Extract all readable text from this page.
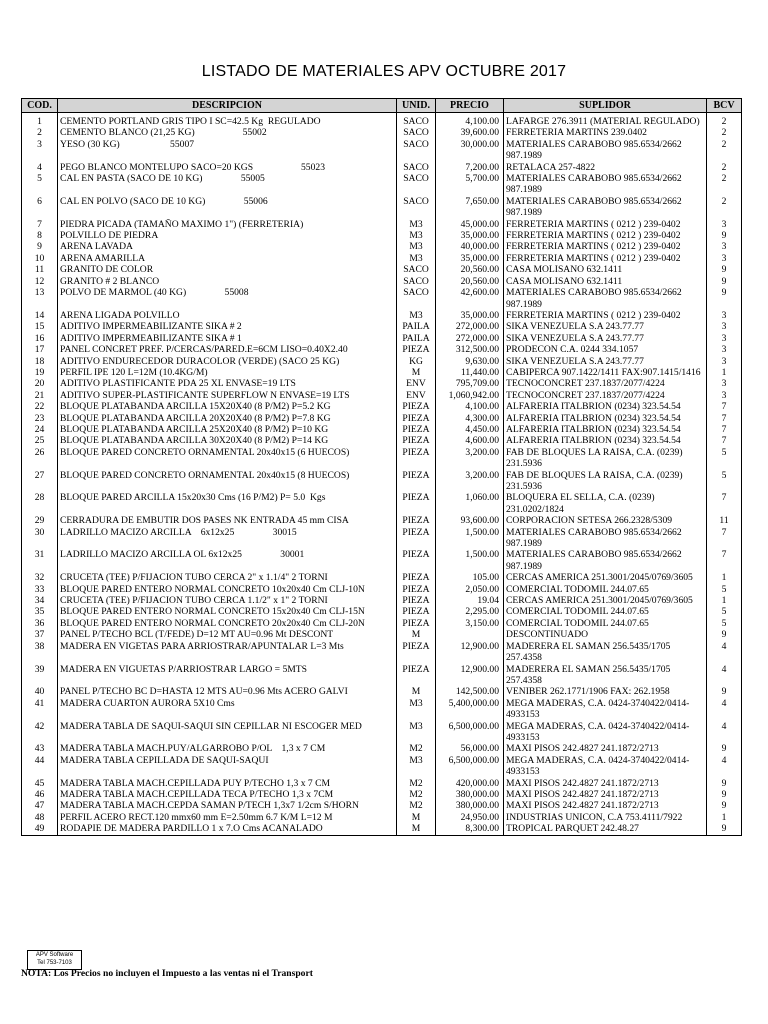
LISTADO DE MATERIALES APV OCTUBRE 2017
COD.	DESCRIPCION	UNID.	PRECIO	SUPLIDOR	BCV
1	CEMENTO PORTLAND GRIS TIPO I SC=42.5 Kg  REGULADO	SACO	4,100.00	LAFARGE 276.3911 (MATERIAL REGULADO)	2
2	CEMENTO BLANCO (21,25 KG)                    55002	SACO	39,600.00	FERRETERIA MARTINS 239.0402	2
3	YESO (30 KG)                     55007	SACO	30,000.00	MATERIALES CARABOBO 985.6534/2662 987.1989	2
4	PEGO BLANCO MONTELUPO SACO=20 KGS                    55023	SACO	7,200.00	RETALACA 257-4822	2
5	CAL EN PASTA (SACO DE 10 KG)                55005	SACO	5,700.00	MATERIALES CARABOBO 985.6534/2662 987.1989	2
6	CAL EN POLVO (SACO DE 10 KG)                55006	SACO	7,650.00	MATERIALES CARABOBO 985.6534/2662 987.1989	2
7	PIEDRA PICADA (TAMAÑO MAXIMO 1") (FERRETERIA)	M3	45,000.00	FERRETERIA MARTINS ( 0212 ) 239-0402	3
8	POLVILLO DE PIEDRA	M3	35,000.00	FERRETERIA MARTINS ( 0212 ) 239-0402	9
9	ARENA LAVADA	M3	40,000.00	FERRETERIA MARTINS ( 0212 ) 239-0402	3
10	ARENA AMARILLA	M3	35,000.00	FERRETERIA MARTINS ( 0212 ) 239-0402	3
11	GRANITO DE COLOR	SACO	20,560.00	CASA MOLISANO 632.1411	9
12	GRANITO # 2 BLANCO	SACO	20,560.00	CASA MOLISANO 632.1411	9
13	POLVO DE MARMOL (40 KG)                55008	SACO	42,600.00	MATERIALES CARABOBO 985.6534/2662 987.1989	9
14	ARENA LIGADA POLVILLO	M3	35,000.00	FERRETERIA MARTINS ( 0212 ) 239-0402	3
15	ADITIVO IMPERMEABILIZANTE SIKA # 2	PAILA	272,000.00	SIKA VENEZUELA S.A 243.77.77	3
16	ADITIVO IMPERMEABILIZANTE SIKA # 1	PAILA	272,000.00	SIKA VENEZUELA S.A 243.77.77	3
17	PANEL CONCRET PREF. P/CERCAS/PARED.E=6CM LISO=0.40X2.40	PIEZA	312,500.00	PRODECON C.A. 0244 334.1057	3
18	ADITIVO ENDURECEDOR DURACOLOR (VERDE) (SACO 25 KG)	KG	9,630.00	SIKA VENEZUELA S.A 243.77.77	3
19	PERFIL IPE 120 L=12M (10.4KG/M)	M	11,440.00	CABIPERCA 907.1422/1411 FAX:907.1415/1416	1
20	ADITIVO PLASTIFICANTE PDA 25 XL ENVASE=19 LTS	ENV	795,709.00	TECNOCONCRET 237.1837/2077/4224	3
21	ADITIVO SUPER-PLASTIFICANTE SUPERFLOW N ENVASE=19 LTS	ENV	1,060,942.00	TECNOCONCRET 237.1837/2077/4224	3
22	BLOQUE PLATABANDA ARCILLA 15X20X40 (8 P/M2) P=5.2 KG	PIEZA	4,100.00	ALFARERIA ITALBRION (0234) 323.54.54	7
23	BLOQUE PLATABANDA ARCILLA 20X20X40 (8 P/M2) P=7.8 KG	PIEZA	4,300.00	ALFARERIA ITALBRION (0234) 323.54.54	7
24	BLOQUE PLATABANDA ARCILLA 25X20X40 (8 P/M2) P=10 KG	PIEZA	4,450.00	ALFARERIA ITALBRION (0234) 323.54.54	7
25	BLOQUE PLATABANDA ARCILLA 30X20X40 (8 P/M2) P=14 KG	PIEZA	4,600.00	ALFARERIA ITALBRION (0234) 323.54.54	7
26	BLOQUE PARED CONCRETO ORNAMENTAL 20x40x15 (6 HUECOS)	PIEZA	3,200.00	FAB DE BLOQUES LA RAISA, C.A. (0239) 231.5936	5
27	BLOQUE PARED CONCRETO ORNAMENTAL 20x40x15 (8 HUECOS)	PIEZA	3,200.00	FAB DE BLOQUES LA RAISA, C.A. (0239) 231.5936	5
28	BLOQUE PARED ARCILLA 15x20x30 Cms (16 P/M2) P= 5.0  Kgs	PIEZA	1,060.00	BLOQUERA EL SELLA, C.A. (0239) 231.0202/1824	7
29	CERRADURA DE EMBUTIR DOS PASES NK ENTRADA 45 mm CISA	PIEZA	93,600.00	CORPORACION SETESA 266.2328/5309	11
30	LADRILLO MACIZO ARCILLA    6x12x25                30015	PIEZA	1,500.00	MATERIALES CARABOBO 985.6534/2662 987.1989	7
31	LADRILLO MACIZO ARCILLA OL 6x12x25                30001	PIEZA	1,500.00	MATERIALES CARABOBO 985.6534/2662 987.1989	7
32	CRUCETA (TEE) P/FIJACION TUBO CERCA 2" x 1.1/4" 2 TORNI	PIEZA	105.00	CERCAS AMERICA 251.3001/2045/0769/3605	1
33	BLOQUE PARED ENTERO NORMAL CONCRETO 10x20x40 Cm CLJ-10N	PIEZA	2,050.00	COMERCIAL TODOMIL 244.07.65	5
34	CRUCETA (TEE) P/FIJACION TUBO CERCA 1.1/2" x 1" 2 TORNI	PIEZA	19.04	CERCAS AMERICA 251.3001/2045/0769/3605	1
35	BLOQUE PARED ENTERO NORMAL CONCRETO 15x20x40 Cm CLJ-15N	PIEZA	2,295.00	COMERCIAL TODOMIL 244.07.65	5
36	BLOQUE PARED ENTERO NORMAL CONCRETO 20x20x40 Cm CLJ-20N	PIEZA	3,150.00	COMERCIAL TODOMIL 244.07.65	5
37	PANEL P/TECHO BCL (T/FEDE) D=12 MT AU=0.96 Mt DESCONT	M		DESCONTINUADO	9
38	MADERA EN VIGETAS PARA ARRIOSTRAR/APUNTALAR L=3 Mts	PIEZA	12,900.00	MADERERA EL SAMAN 256.5435/1705 257.4358	4
39	MADERA EN VIGUETAS P/ARRIOSTRAR LARGO = 5MTS	PIEZA	12,900.00	MADERERA EL SAMAN 256.5435/1705 257.4358	4
40	PANEL P/TECHO BC D=HASTA 12 MTS AU=0.96 Mts ACERO GALVI	M	142,500.00	VENIBER 262.1771/1906 FAX: 262.1958	9
41	MADERA CUARTON AURORA 5X10 Cms	M3	5,400,000.00	MEGA MADERAS, C.A. 0424-3740422/0414-4933153	4
42	MADERA TABLA DE SAQUI-SAQUI SIN CEPILLAR NI ESCOGER MED	M3	6,500,000.00	MEGA MADERAS, C.A. 0424-3740422/0414-4933153	4
43	MADERA TABLA MACH.PUY/ALGARROBO P/OL    1,3 x 7 CM	M2	56,000.00	MAXI PISOS 242.4827 241.1872/2713	9
44	MADERA TABLA CEPILLADA DE SAQUI-SAQUI	M3	6,500,000.00	MEGA MADERAS, C.A. 0424-3740422/0414-4933153	4
45	MADERA TABLA MACH.CEPILLADA PUY P/TECHO 1,3 x 7 CM	M2	420,000.00	MAXI PISOS 242.4827 241.1872/2713	9
46	MADERA TABLA MACH.CEPILLADA TECA P/TECHO 1,3 x 7CM	M2	380,000.00	MAXI PISOS 242.4827 241.1872/2713	9
47	MADERA TABLA MACH.CEPDA SAMAN P/TECH 1,3x7 1/2cm S/HORN	M2	380,000.00	MAXI PISOS 242.4827 241.1872/2713	9
48	PERFIL ACERO RECT.120 mmx60 mm E=2.50mm 6.7 K/M L=12 M	M	24,950.00	INDUSTRIAS UNICON, C.A 753.4111/7922	1
49	RODAPIE DE MADERA PARDILLO 1 x 7.O Cms ACANALADO	M	8,300.00	TROPICAL PARQUET 242.48.27	9
APV Software
Tel 753-7103
NOTA: Los Precios no incluyen el Impuesto a las ventas ni el Transport
